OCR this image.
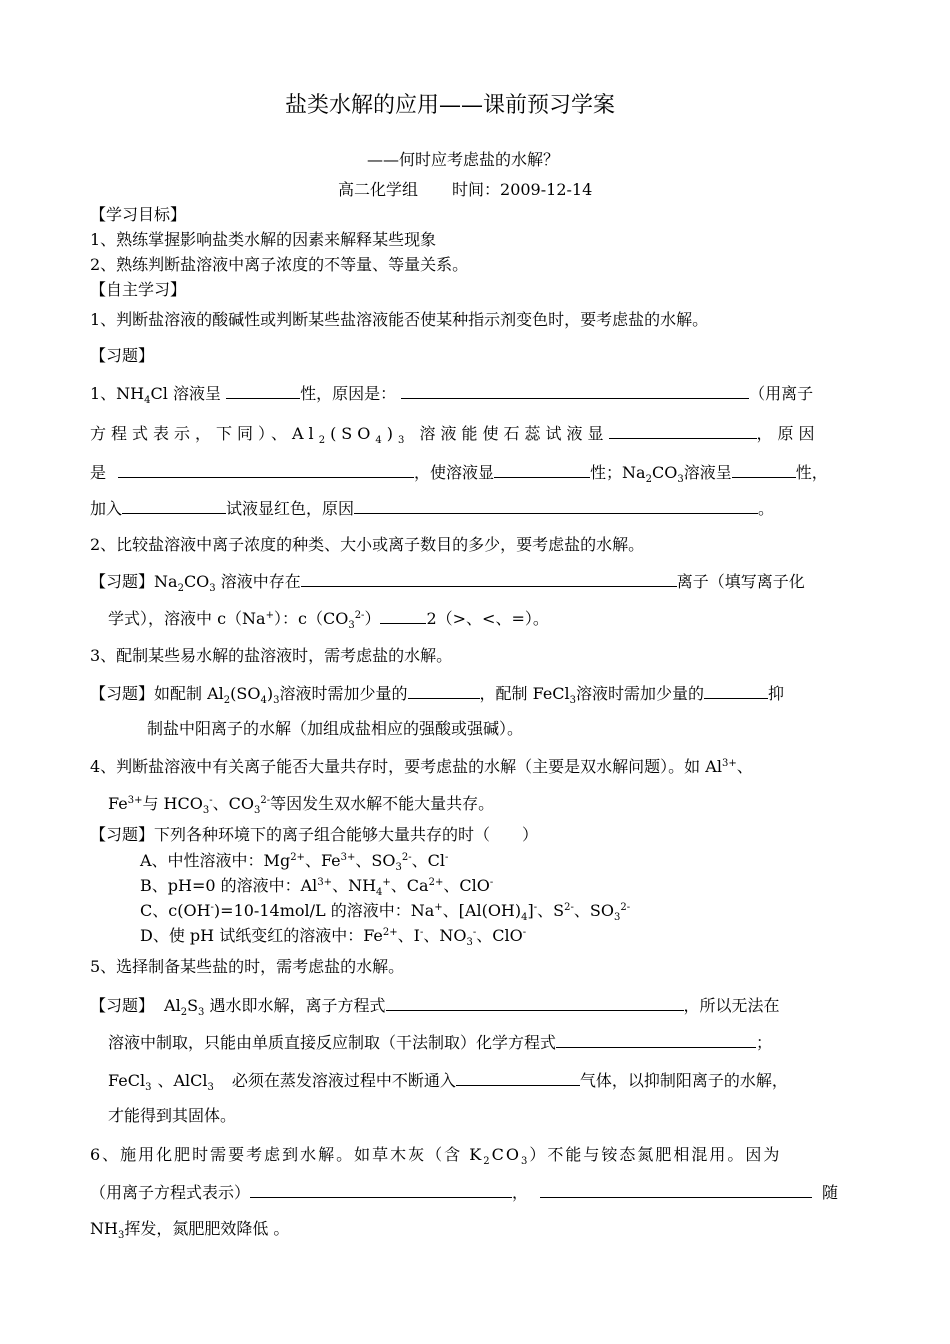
盐类水解的应用——课前预习学案
——何时应考虑盐的水解？
高二化学组 时间：2009-12-14
【学习目标】
1、熟练掌握影响盐类水解的因素来解释某些现象
2、熟练判断盐溶液中离子浓度的不等量、等量关系。
【自主学习】
1、判断盐溶液的酸碱性或判断某些盐溶液能否使某种指示剂变色时，要考虑盐的水解。
【习题】
1、$NH_4Cl$ 溶液呈	性，原因是：	（用离子
方程式表示，下同）、$Al_2(SO_4)_3$ 溶液能使石蕊试液显	，原因
是	，使溶液显	性；$Na_2CO_3$溶液呈	性，
加入	试液显红色，原因	。
2、比较盐溶液中离子浓度的种类、大小或离子数目的多少，要考虑盐的水解。
【习题】$Na_2CO_3$ 溶液中存在	离子（填写离子化
学式），溶液中 c（Na+）：$c(CO_3^{2-})$	2（>、<、=）。
3、配制某些易水解的盐溶液时，需考虑盐的水解。
【习题】如配制 $Al_2(SO_4)_3$溶液时需加少量的	，配制 FeCl$_3$溶液时需加少量的	抑
制盐中阳离子的水解（加组成盐相应的强酸或强碱）。
4、判断盐溶液中有关离子能否大量共存时，要考虑盐的水解（主要是双水解问题）。如 $Al^{3+}$、
$Fe^{3+}$与 $HCO_3^-$、$CO_3^{2-}$等因发生双水解不能大量共存。
【习题】下列各种环境下的离子组合能够大量共存的时（　　）
A、中性溶液中：$Mg^{2+}$、$Fe^{3+}$、$SO_3^{2-}$、Cl-
B、pH=0 的溶液中：$Al^{3+}$、$NH_4^+$、$Ca^{2+}$、ClO-
C、c(OH-)=10-14mol/L 的溶液中：Na+、$[Al(OH)_4]^-$、$S^{2-}$、$SO_3^{2-}$
D、使 pH 试纸变红的溶液中：$Fe^{2+}$、I-、$NO_3^-$、ClO-
5、选择制备某些盐的时，需考虑盐的水解。
【习题】 $Al_2S_3$ 遇水即水解，离子方程式	，所以无法在
溶液中制取，只能由单质直接反应制取（干法制取）化学方程式	；
FeCl$_3$ 、AlCl$_3$ 必须在蒸发溶液过程中不断通入	气体，以抑制阳离子的水解，
才能得到其固体。
6、施用化肥时需要考虑到水解。如草木灰（含 $K_2CO_3$）不能与铵态氮肥相混用。因为
（用离子方程式表示）	，	随
$NH_3$挥发，氮肥肥效降低 。
